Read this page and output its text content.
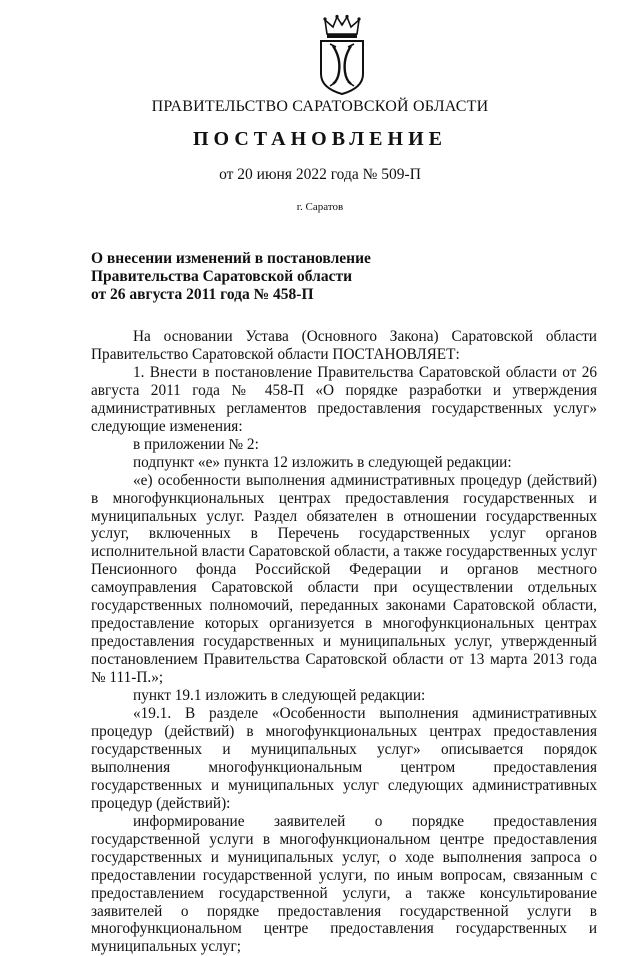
ПРАВИТЕЛЬСТВО САРАТОВСКОЙ ОБЛАСТИ
ПОСТАНОВЛЕНИЕ
от 20 июня 2022 года № 509-П
г. Саратов
О внесении изменений в постановление
Правительства Саратовской области
от 26 августа 2011 года № 458-П

На основании Устава (Основного Закона) Саратовской области Правительство Саратовской области ПОСТАНОВЛЯЕТ:

1. Внести в постановление Правительства Саратовской области от 26 августа 2011 года № 458-П «О порядке разработки и утверждения административных регламентов предоставления государственных услуг» следующие изменения:

в приложении № 2:

подпункт «е» пункта 12 изложить в следующей редакции:

«е) особенности выполнения административных процедур (действий) в многофункциональных центрах предоставления государственных и муниципальных услуг. Раздел обязателен в отношении государственных услуг, включенных в Перечень государственных услуг органов исполнительной власти Саратовской области, а также государственных услуг Пенсионного фонда Российской Федерации и органов местного самоуправления Саратовской области при осуществлении отдельных государственных полномочий, переданных законами Саратовской области, предоставление которых организуется в многофункциональных центрах предоставления государственных и муниципальных услуг, утвержденный постановлением Правительства Саратовской области от 13 марта 2013 года № 111-П.»;

пункт 19.1 изложить в следующей редакции:

«19.1. В разделе «Особенности выполнения административных процедур (действий) в многофункциональных центрах предоставления государственных и муниципальных услуг» описывается порядок выполнения многофункциональным центром предоставления государственных и муниципальных услуг следующих административных процедур (действий):

информирование заявителей о порядке предоставления государственной услуги в многофункциональном центре предоставления государственных и муниципальных услуг, о ходе выполнения запроса о предоставлении государственной услуги, по иным вопросам, связанным с предоставлением государственной услуги, а также консультирование заявителей о порядке предоставления государственной услуги в многофункциональном центре предоставления государственных и муниципальных услуг;
